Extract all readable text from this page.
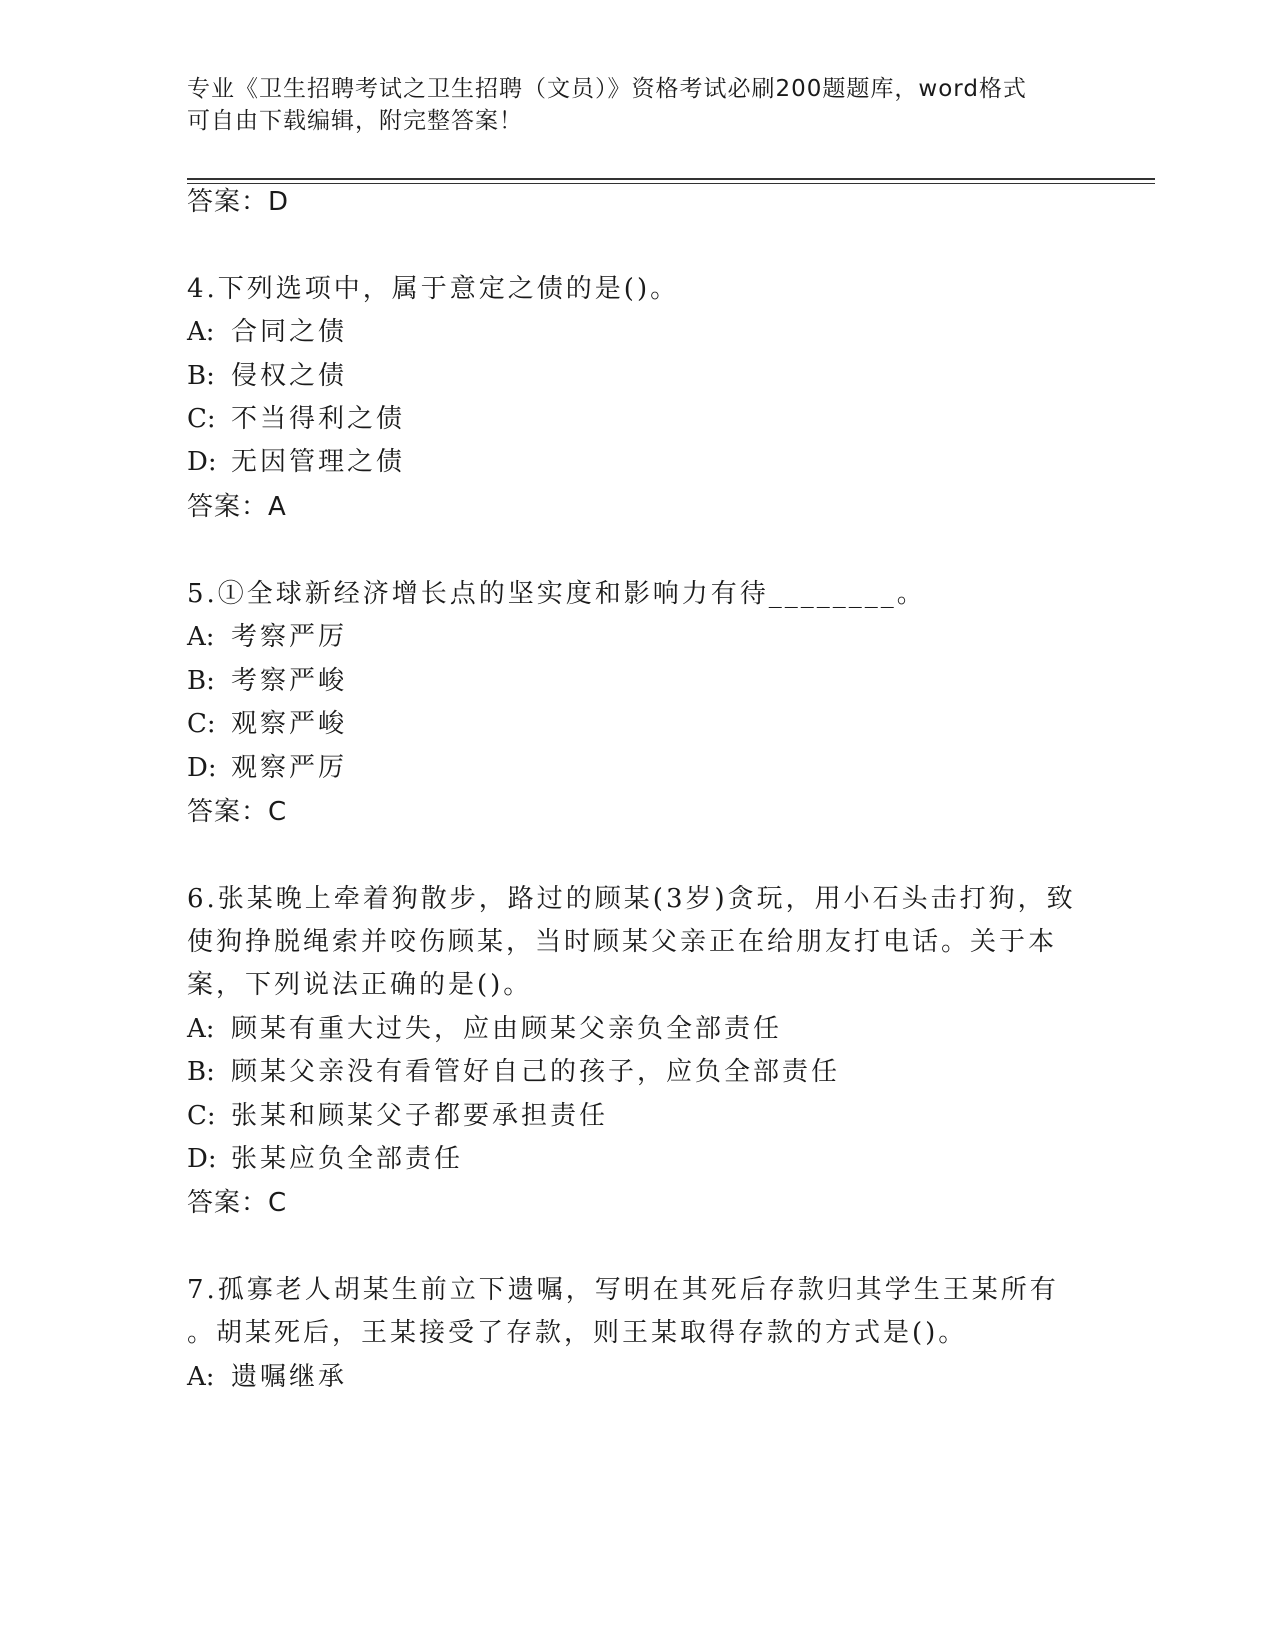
专业《卫生招聘考试之卫生招聘（文员）》资格考试必刷200题题库，word格式
可自由下载编辑，附完整答案！
答案：D
4.下列选项中，属于意定之债的是()。
A: 合同之债
B: 侵权之债
C: 不当得利之债
D: 无因管理之债
答案：A
5.①全球新经济增长点的坚实度和影响力有待________。
A: 考察严厉
B: 考察严峻
C: 观察严峻
D: 观察严厉
答案：C
6.张某晚上牵着狗散步，路过的顾某(3岁)贪玩，用小石头击打狗，致
使狗挣脱绳索并咬伤顾某，当时顾某父亲正在给朋友打电话。关于本
案，下列说法正确的是()。
A: 顾某有重大过失，应由顾某父亲负全部责任
B: 顾某父亲没有看管好自己的孩子，应负全部责任
C: 张某和顾某父子都要承担责任
D: 张某应负全部责任
答案：C
7.孤寡老人胡某生前立下遗嘱，写明在其死后存款归其学生王某所有
。胡某死后，王某接受了存款，则王某取得存款的方式是()。
A: 遗嘱继承
